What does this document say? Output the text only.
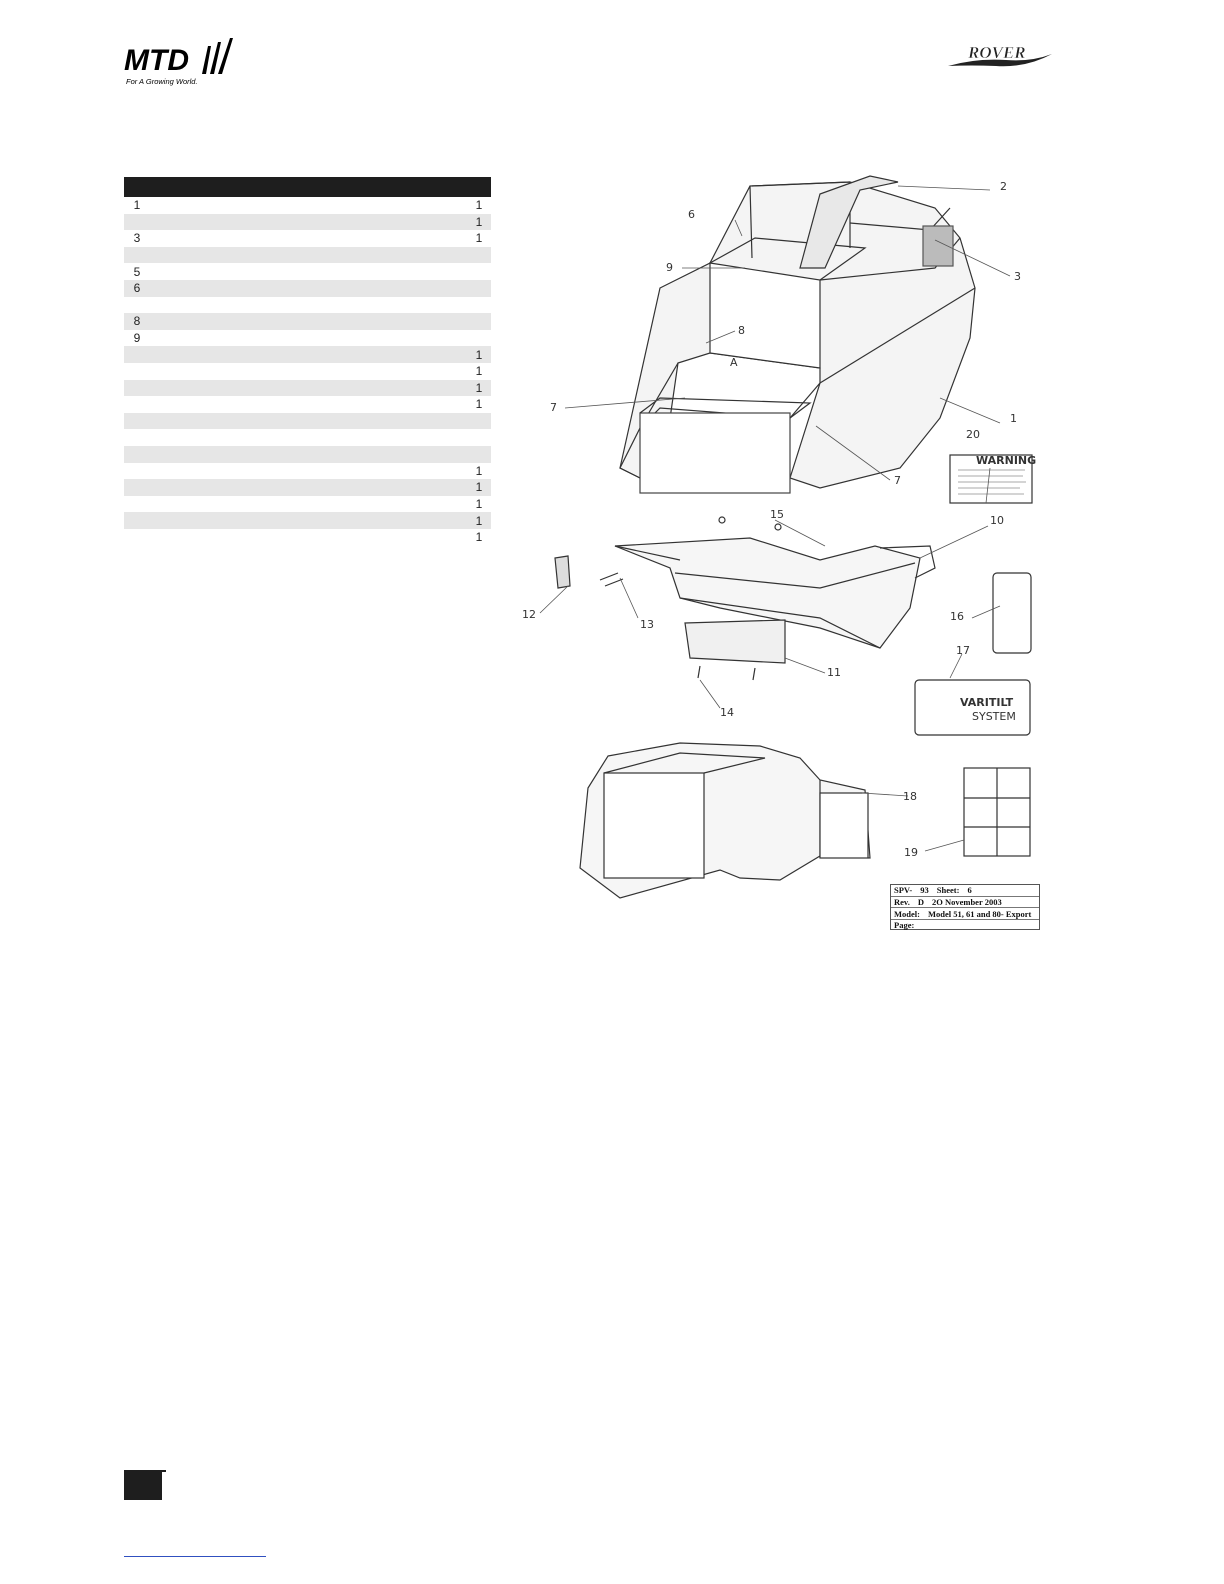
MTD
For A Growing World.
ROVER
1	1
1
3	1
5
6
8
9
1
1
1
1
1
1
1
1
1
WARNING
VARITILT
SYSTEM
1
2
3
6
7
7
8
A
9
10
11
12
13
14
15
16
17
18
19
20
SPV- 93 Sheet: 6
Rev. D 2O November 2003
Model: Model 51, 61 and 80- Export
Page:
